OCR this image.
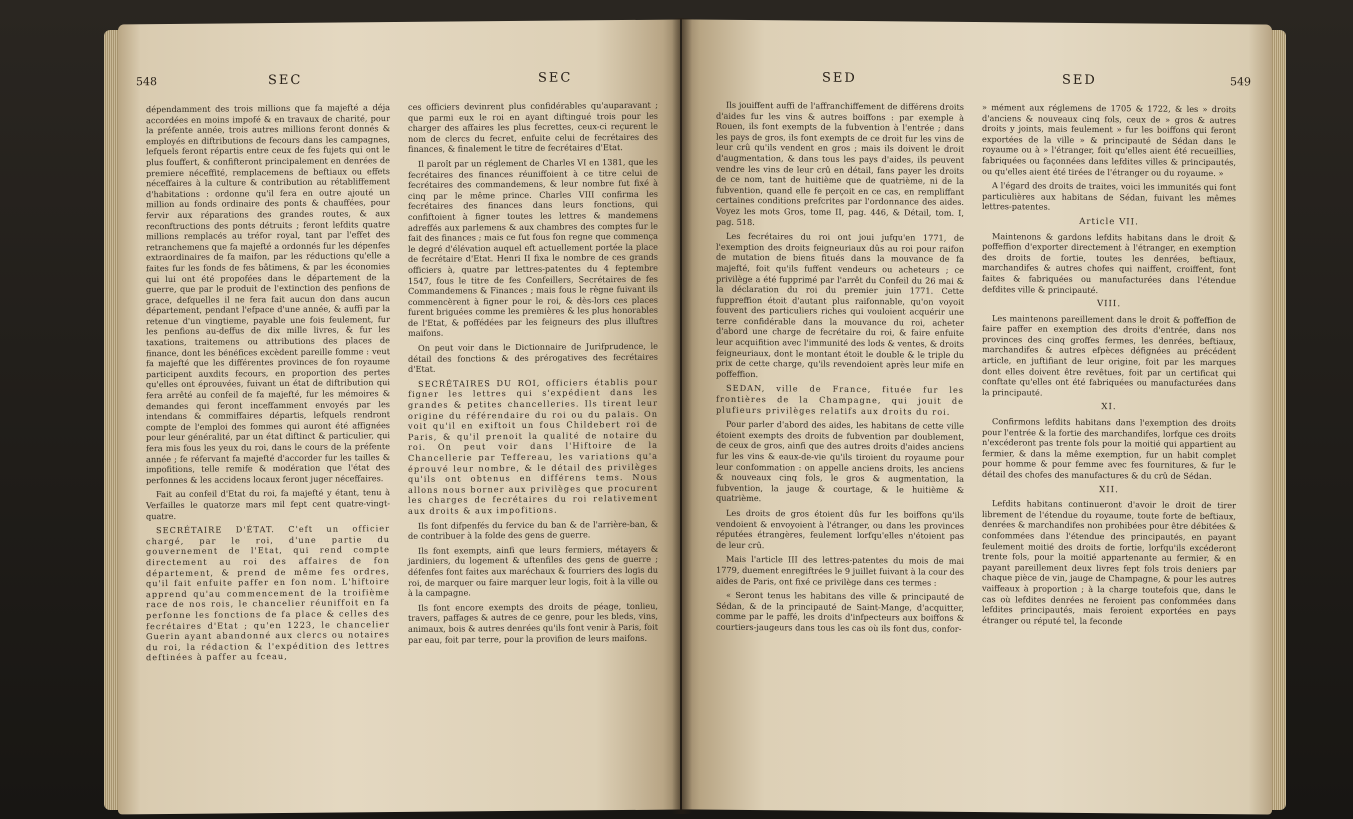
548	SEC	SEC

dépendamment des trois millions que fa majefté a déja accordées en moins impofé & en travaux de charité, pour la préfente année, trois autres millions feront donnés & employés en diftributions de fecours dans les campagnes, lefquels feront répartis entre ceux de fes fujets qui ont le plus fouffert, & confifteront principalement en denrées de premiere néceffité, remplacemens de beftiaux ou effets néceffaires à la culture & contribution au rétabliffement d'habitations : ordonne qu'il fera en outre ajouté un million au fonds ordinaire des ponts & chauffées, pour fervir aux réparations des grandes routes, & aux reconftructions des ponts détruits ; feront lefdits quatre millions remplacés au tréfor royal, tant par l'effet des retranchemens que fa majefté a ordonnés fur les dépenfes extraordinaires de fa maifon, par les réductions qu'elle a faites fur les fonds de fes bâtimens, & par les économies qui lui ont été propofées dans le département de la guerre, que par le produit de l'extinction des penfions de grace, defquelles il ne fera fait aucun don dans aucun département, pendant l'efpace d'une année, & auffi par la retenue d'un vingtieme, payable une fois feulement, fur les penfions au-deffus de dix mille livres, & fur les taxations, traitemens ou attributions des places de finance, dont les bénéfices excèdent pareille fomme : veut fa majefté que les différentes provinces de fon royaume participent auxdits fecours, en proportion des pertes qu'elles ont éprouvées, fuivant un état de diftribution qui fera arrêté au confeil de fa majefté, fur les mémoires & demandes qui feront inceffamment envoyés par les intendans & commiffaires départis, lefquels rendront compte de l'emploi des fommes qui auront été affignées pour leur généralité, par un état diftinct & particulier, qui fera mis fous les yeux du roi, dans le cours de la préfente année ; fe réfervant fa majefté d'accorder fur les tailles & impofitions, telle remife & modération que l'état des perfonnes & les accidens locaux feront juger néceffaires.

Fait au confeil d'Etat du roi, fa majefté y étant, tenu à Verfailles le quatorze mars mil fept cent quatre-vingt-quatre.

SECRÉTAIRE D'ÉTAT. C'eft un officier chargé, par le roi, d'une partie du gouvernement de l'Etat, qui rend compte directement au roi des affaires de fon département, & prend de même fes ordres, qu'il fait enfuite paffer en fon nom. L'hiftoire apprend qu'au commencement de la troifième race de nos rois, le chancelier réuniffoit en fa perfonne les fonctions de fa place & celles des fecrétaires d'Etat ; qu'en 1223, le chancelier Guerin ayant abandonné aux clercs ou notaires du roi, la rédaction & l'expédition des lettres deftinées à paffer au fceau,

ces officiers devinrent plus confidérables qu'auparavant ; que parmi eux le roi en ayant diftingué trois pour les charger des affaires les plus fecrettes, ceux-ci reçurent le nom de clercs du fecret, enfuite celui de fecrétaires des finances, & finalement le titre de fecrétaires d'Etat.

Il paroît par un réglement de Charles VI en 1381, que les fecrétaires des finances réuniffoient à ce titre celui de fecrétaires des commandemens, & leur nombre fut fixé à cinq par le même prince. Charles VIII confirma les fecrétaires des finances dans leurs fonctions, qui confiftoient à figner toutes les lettres & mandemens adreffés aux parlemens & aux chambres des comptes fur le fait des finances ; mais ce fut fous fon regne que commença le degré d'élévation auquel eft actuellement portée la place de fecrétaire d'Etat. Henri II fixa le nombre de ces grands officiers à, quatre par lettres-patentes du 4 feptembre 1547, fous le titre de fes Confeillers, Secrétaires de fes Commandemens & Finances ; mais fous le règne fuivant ils commencèrent à figner pour le roi, & dès-lors ces places furent briguées comme les premières & les plus honorables de l'Etat, & poffédées par les feigneurs des plus illuftres maifons.

On peut voir dans le Dictionnaire de Jurifprudence, le détail des fonctions & des prérogatives des fecrétaires d'Etat.

SECRÉTAIRES DU ROI, officiers établis pour figner les lettres qui s'expédient dans les grandes & petites chancelleries. Ils tirent leur origine du référendaire du roi ou du palais. On voit qu'il en exiftoit un fous Childebert roi de Paris, & qu'il prenoit la qualité de notaire du roi. On peut voir dans l'Hiftoire de la Chancellerie par Teffereau, les variations qu'a éprouvé leur nombre, & le détail des privilèges qu'ils ont obtenus en différens tems. Nous allons nous borner aux privilèges que procurent les charges de fecrétaires du roi relativement aux droits & aux impofitions.

Ils font difpenfés du fervice du ban & de l'arrière-ban, & de contribuer à la folde des gens de guerre.

Ils font exempts, ainfi que leurs fermiers, métayers & jardiniers, du logement & uftenfiles des gens de guerre ; défenfes font faites aux maréchaux & fourriers des logis du roi, de marquer ou faire marquer leur logis, foit à la ville ou à la campagne.

Ils font encore exempts des droits de péage, tonlieu, travers, paffages & autres de ce genre, pour les bleds, vins, animaux, bois & autres denrées qu'ils font venir à Paris, foit par eau, foit par terre, pour la provifion de leurs maifons.

SED	SED	549

Ils jouiffent auffi de l'affranchiffement de différens droits d'aides fur les vins & autres boiffons : par exemple à Rouen, ils font exempts de la fubvention à l'entrée ; dans les pays de gros, ils font exempts de ce droit fur les vins de leur crû qu'ils vendent en gros ; mais ils doivent le droit d'augmentation, & dans tous les pays d'aides, ils peuvent vendre les vins de leur crû en détail, fans payer les droits de ce nom, tant de huitième que de quatrième, ni de la fubvention, quand elle fe perçoit en ce cas, en rempliffant certaines conditions prefcrites par l'ordonnance des aides. Voyez les mots Gros, tome II, pag. 446, & Détail, tom. I, pag. 518.

Les fecrétaires du roi ont joui jufqu'en 1771, de l'exemption des droits feigneuriaux dûs au roi pour raifon de mutation de biens fitués dans la mouvance de fa majefté, foit qu'ils fuffent vendeurs ou acheteurs ; ce privilège a été fupprimé par l'arrêt du Confeil du 26 mai & la déclaration du roi du premier juin 1771. Cette fuppreffion étoit d'autant plus raifonnable, qu'on voyoit fouvent des particuliers riches qui vouloient acquérir une terre confidérable dans la mouvance du roi, acheter d'abord une charge de fecrétaire du roi, & faire enfuite leur acquifition avec l'immunité des lods & ventes, & droits feigneuriaux, dont le montant étoit le double & le triple du prix de cette charge, qu'ils revendoient après leur mife en poffeffion.

SEDAN, ville de France, fituée fur les frontières de la Champagne, qui jouit de plufieurs privilèges relatifs aux droits du roi.

Pour parler d'abord des aides, les habitans de cette ville étoient exempts des droits de fubvention par doublement, de ceux de gros, ainfi que des autres droits d'aides anciens fur les vins & eaux-de-vie qu'ils tiroient du royaume pour leur confommation : on appelle anciens droits, les anciens & nouveaux cinq fols, le gros & augmentation, la fubvention, la jauge & courtage, & le huitième & quatrième.

Les droits de gros étoient dûs fur les boiffons qu'ils vendoient & envoyoient à l'étranger, ou dans les provinces réputées étrangères, feulement lorfqu'elles n'étoient pas de leur crû.

Mais l'article III des lettres-patentes du mois de mai 1779, duement enregiftrées le 9 juillet fuivant à la cour des aides de Paris, ont fixé ce privilège dans ces termes :

« Seront tenus les habitans des ville & principauté de Sédan, & de la principauté de Saint-Mange, d'acquitter, comme par le paffé, les droits d'infpecteurs aux boiffons & courtiers-jaugeurs dans tous les cas où ils font dus, confor-

» mément aux réglemens de 1705 & 1722, & les » droits d'anciens & nouveaux cinq fols, ceux de » gros & autres droits y joints, mais feulement » fur les boiffons qui feront exportées de la ville » & principauté de Sédan dans le royaume ou à » l'étranger, foit qu'elles aient été recueillies, fabriquées ou façonnées dans lefdites villes & principautés, ou qu'elles aient été tirées de l'étranger ou du royaume. »

A l'égard des droits de traites, voici les immunités qui font particulières aux habitans de Sédan, fuivant les mêmes lettres-patentes.

Article VII.

Maintenons & gardons lefdits habitans dans le droit & poffeffion d'exporter directement à l'étranger, en exemption des droits de fortie, toutes les denrées, beftiaux, marchandifes & autres chofes qui naiffent, croiffent, font faites & fabriquées ou manufacturées dans l'étendue defdites ville & principauté.

VIII.

Les maintenons pareillement dans le droit & poffeffion de faire paffer en exemption des droits d'entrée, dans nos provinces des cinq groffes fermes, les denrées, beftiaux, marchandifes & autres efpèces défignées au précédent article, en juftifiant de leur origine, foit par les marques dont elles doivent être revêtues, foit par un certificat qui conftate qu'elles ont été fabriquées ou manufacturées dans la principauté.

XI.

Confirmons lefdits habitans dans l'exemption des droits pour l'entrée & la fortie des marchandifes, lorfque ces droits n'excéderont pas trente fols pour la moitié qui appartient au fermier, & dans la même exemption, fur un habit complet pour homme & pour femme avec fes fournitures, & fur le détail des chofes des manufactures & du crû de Sédan.

XII.

Lefdits habitans continueront d'avoir le droit de tirer librement de l'étendue du royaume, toute forte de beftiaux, denrées & marchandifes non prohibées pour être débitées & confommées dans l'étendue des principautés, en payant feulement moitié des droits de fortie, lorfqu'ils excéderont trente fols, pour la moitié appartenante au fermier, & en payant pareillement deux livres fept fols trois deniers par chaque pièce de vin, jauge de Champagne, & pour les autres vaiffeaux à proportion ; à la charge toutefois que, dans le cas où lefdites denrées ne feroient pas confommées dans lefdites principautés, mais feroient exportées en pays étranger ou réputé tel, la feconde
